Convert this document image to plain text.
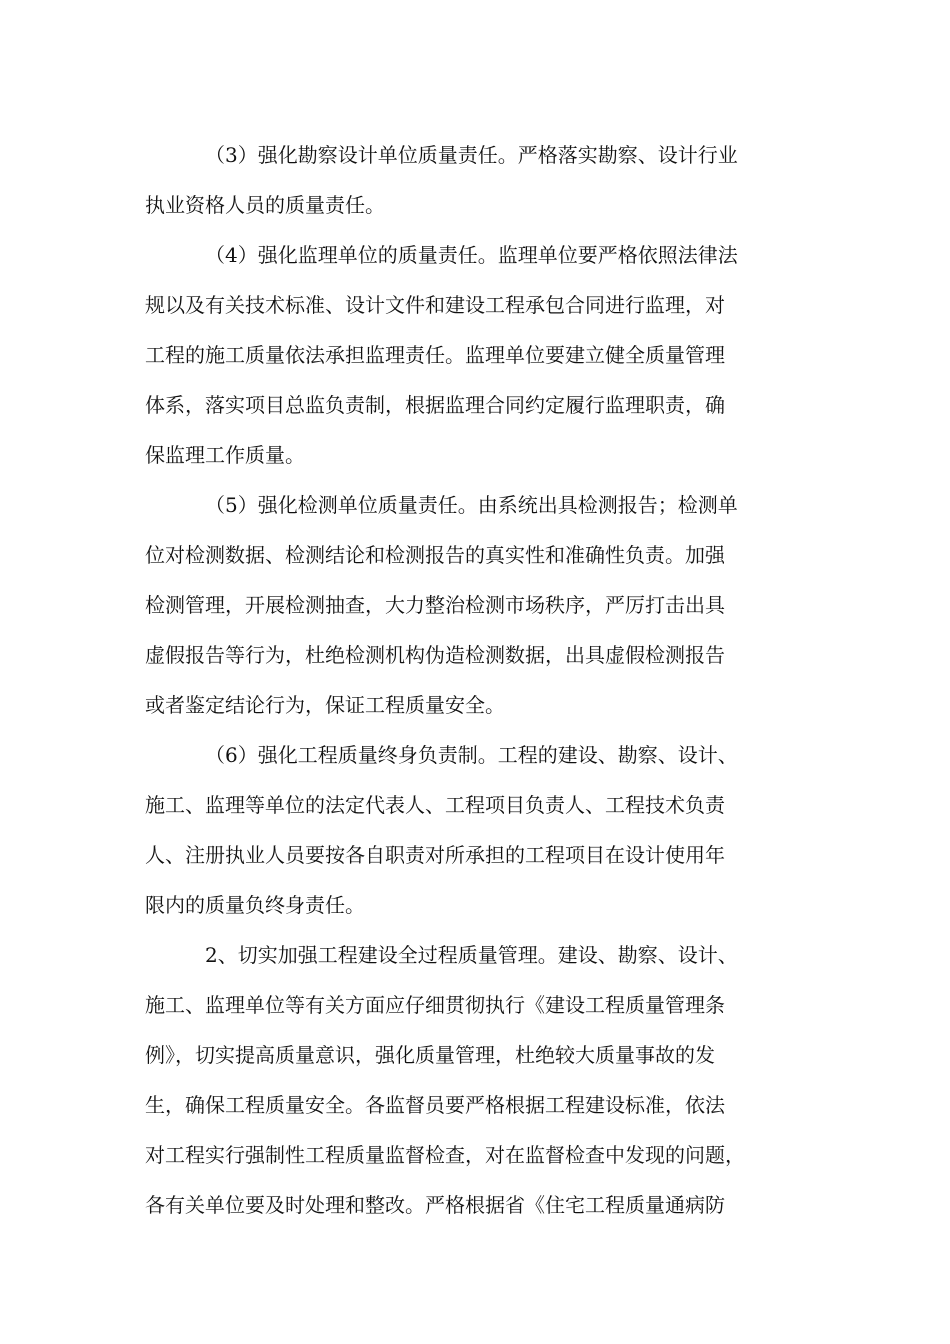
（3）强化勘察设计单位质量责任。严格落实勘察、设计行业
执业资格人员的质量责任。
（4）强化监理单位的质量责任。监理单位要严格依照法律法
规以及有关技术标准、设计文件和建设工程承包合同进行监理，对
工程的施工质量依法承担监理责任。监理单位要建立健全质量管理
体系，落实项目总监负责制，根据监理合同约定履行监理职责，确
保监理工作质量。
（5）强化检测单位质量责任。由系统出具检测报告；检测单
位对检测数据、检测结论和检测报告的真实性和准确性负责。加强
检测管理，开展检测抽查，大力整治检测市场秩序，严厉打击出具
虚假报告等行为，杜绝检测机构伪造检测数据，出具虚假检测报告
或者鉴定结论行为，保证工程质量安全。
（6）强化工程质量终身负责制。工程的建设、勘察、设计、
施工、监理等单位的法定代表人、工程项目负责人、工程技术负责
人、注册执业人员要按各自职责对所承担的工程项目在设计使用年
限内的质量负终身责任。
2、切实加强工程建设全过程质量管理。建设、勘察、设计、
施工、监理单位等有关方面应仔细贯彻执行《建设工程质量管理条
例》，切实提高质量意识，强化质量管理，杜绝较大质量事故的发
生，确保工程质量安全。各监督员要严格根据工程建设标准，依法
对工程实行强制性工程质量监督检查，对在监督检查中发现的问题，
各有关单位要及时处理和整改。严格根据省《住宅工程质量通病防
